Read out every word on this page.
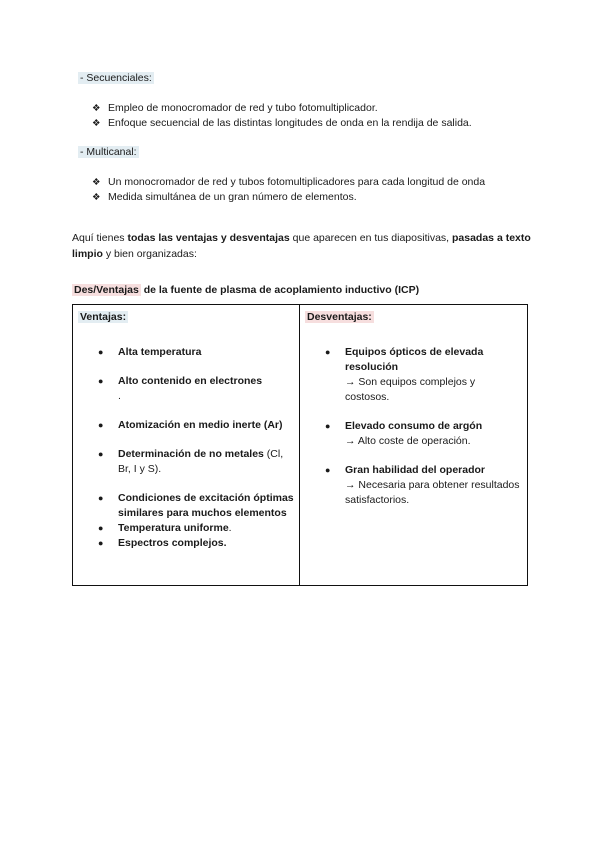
- Secuenciales:
❖ Empleo de monocromador de red y tubo fotomultiplicador.
❖ Enfoque secuencial de las distintas longitudes de onda en la rendija de salida.
- Multicanal:
❖ Un monocromador de red y tubos fotomultiplicadores para cada longitud de onda
❖ Medida simultánea de un gran número de elementos.
Aquí tienes todas las ventajas y desventajas que aparecen en tus diapositivas, pasadas a texto limpio y bien organizadas:
Des/Ventajas de la fuente de plasma de acoplamiento inductivo (ICP)
Ventajas:
● Alta temperatura
● Alto contenido en electrones
.
● Atomización en medio inerte (Ar)
● Determinación de no metales (Cl, Br, I y S).
● Condiciones de excitación óptimas similares para muchos elementos
● Temperatura uniforme.
● Espectros complejos.

Desventajas:
● Equipos ópticos de elevada resolución
→ Son equipos complejos y costosos.
● Elevado consumo de argón
→ Alto coste de operación.
● Gran habilidad del operador
→ Necesaria para obtener resultados satisfactorios.
